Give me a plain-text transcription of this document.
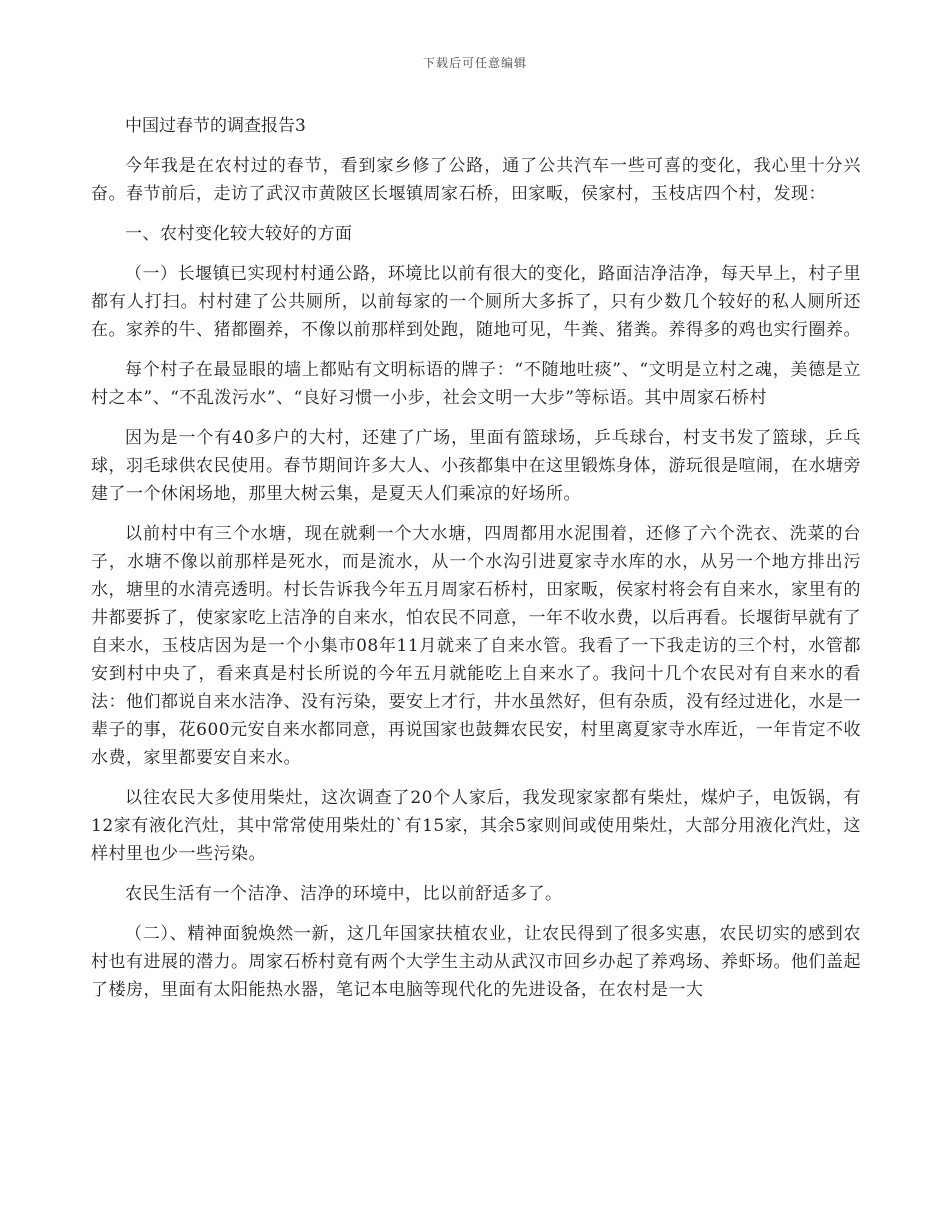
下载后可任意编辑

中国过春节的调查报告3

今年我是在农村过的春节，看到家乡修了公路，通了公共汽车一些可喜的变化，我心里十分兴奋。春节前后，走访了武汉市黄陂区长堰镇周家石桥，田家畈，侯家村，玉枝店四个村，发现：

一、农村变化较大较好的方面

（一）长堰镇已实现村村通公路，环境比以前有很大的变化，路面洁净洁净，每天早上，村子里都有人打扫。村村建了公共厕所，以前每家的一个厕所大多拆了，只有少数几个较好的私人厕所还在。家养的牛、猪都圈养，不像以前那样到处跑，随地可见，牛粪、猪粪。养得多的鸡也实行圈养。

每个村子在最显眼的墙上都贴有文明标语的牌子：“不随地吐痰”、“文明是立村之魂，美德是立村之本”、“不乱泼污水”、“良好习惯一小步，社会文明一大步”等标语。其中周家石桥村

因为是一个有40多户的大村，还建了广场，里面有篮球场，乒乓球台，村支书发了篮球，乒乓球，羽毛球供农民使用。春节期间许多大人、小孩都集中在这里锻炼身体，游玩很是喧闹，在水塘旁建了一个休闲场地，那里大树云集，是夏天人们乘凉的好场所。

以前村中有三个水塘，现在就剩一个大水塘，四周都用水泥围着，还修了六个洗衣、洗菜的台子，水塘不像以前那样是死水，而是流水，从一个水沟引进夏家寺水库的水，从另一个地方排出污水，塘里的水清亮透明。村长告诉我今年五月周家石桥村，田家畈，侯家村将会有自来水，家里有的井都要拆了，使家家吃上洁净的自来水，怕农民不同意，一年不收水费，以后再看。长堰街早就有了自来水，玉枝店因为是一个小集市08年11月就来了自来水管。我看了一下我走访的三个村，水管都安到村中央了，看来真是村长所说的今年五月就能吃上自来水了。我问十几个农民对有自来水的看法：他们都说自来水洁净、没有污染，要安上才行，井水虽然好，但有杂质，没有经过进化，水是一辈子的事，花600元安自来水都同意，再说国家也鼓舞农民安，村里离夏家寺水库近，一年肯定不收水费，家里都要安自来水。

以往农民大多使用柴灶，这次调查了20个人家后，我发现家家都有柴灶，煤炉子，电饭锅，有12家有液化汽灶，其中常常使用柴灶的`有15家，其余5家则间或使用柴灶，大部分用液化汽灶，这样村里也少一些污染。

农民生活有一个洁净、洁净的环境中，比以前舒适多了。

（二）、精神面貌焕然一新，这几年国家扶植农业，让农民得到了很多实惠，农民切实的感到农村也有进展的潜力。周家石桥村竟有两个大学生主动从武汉市回乡办起了养鸡场、养虾场。他们盖起了楼房，里面有太阳能热水器，笔记本电脑等现代化的先进设备，在农村是一大
